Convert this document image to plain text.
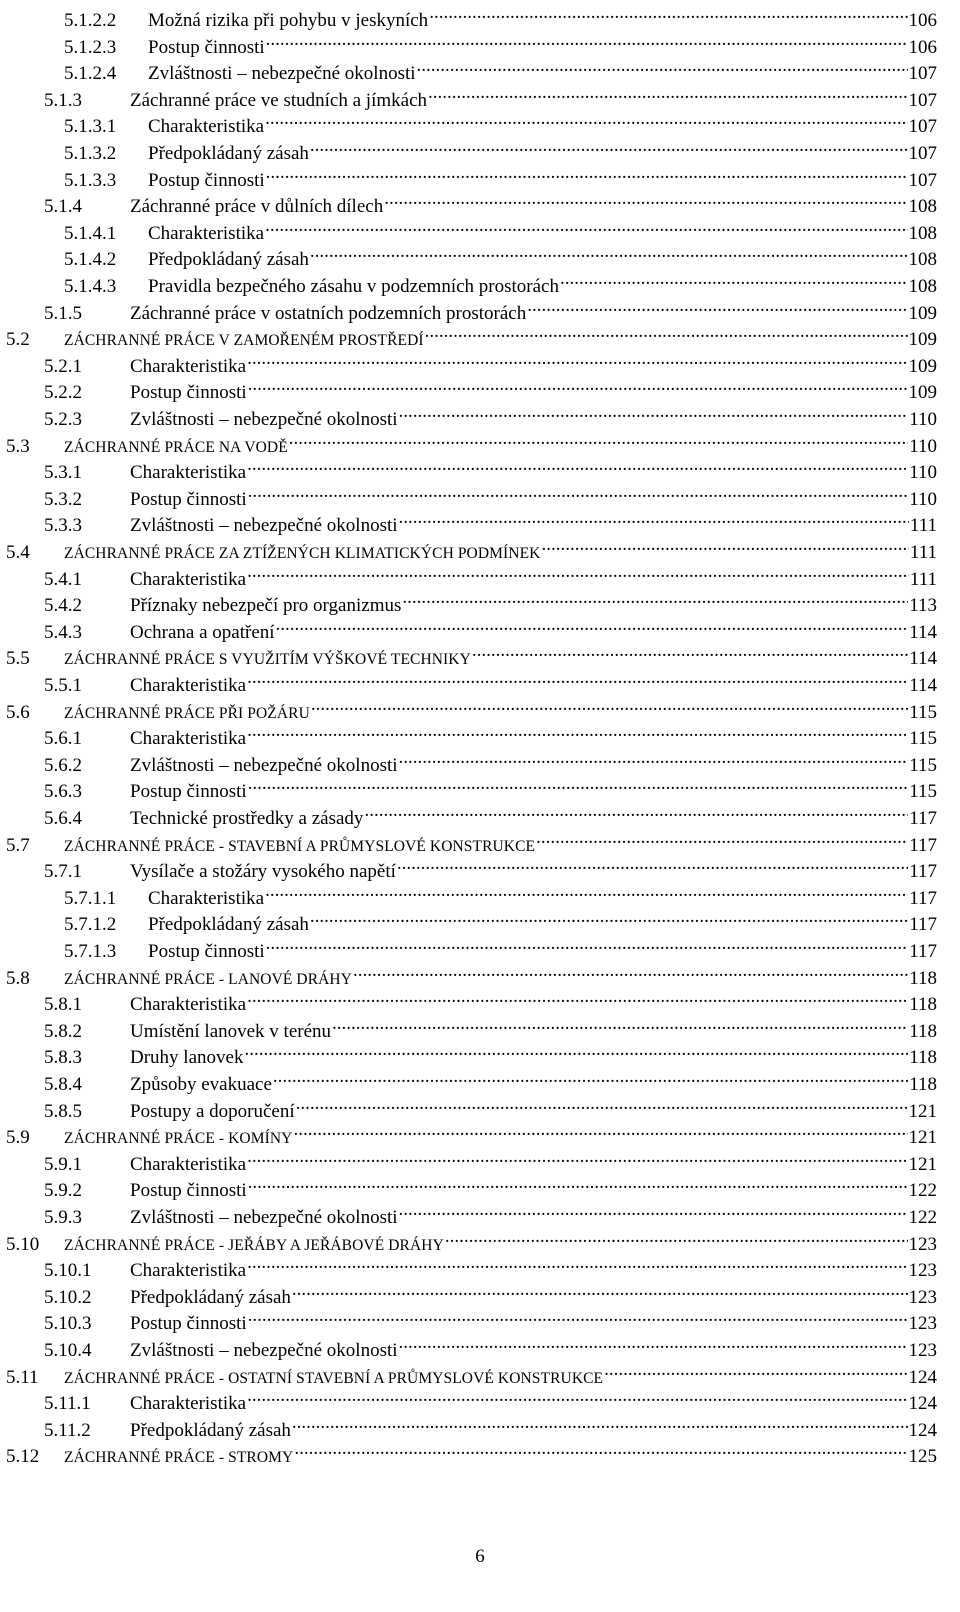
5.1.2.2	Možná rizika při pohybu v jeskyních .....	106
5.1.2.3	Postup činnosti .....	106
5.1.2.4	Zvláštnosti – nebezpečné okolnosti .....	107
5.1.3	Záchranné práce ve studních a jímkách .....	107
5.1.3.1	Charakteristika .....	107
5.1.3.2	Předpokládaný zásah .....	107
5.1.3.3	Postup činnosti .....	107
5.1.4	Záchranné práce v důlních dílech .....	108
5.1.4.1	Charakteristika .....	108
5.1.4.2	Předpokládaný zásah .....	108
5.1.4.3	Pravidla bezpečného zásahu v podzemních prostorách .....	108
5.1.5	Záchranné práce v ostatních podzemních prostorách .....	109
5.2	ZÁCHRANNÉ PRÁCE V ZAMOŘENÉM PROSTŘEDÍ .....	109
5.2.1	Charakteristika .....	109
5.2.2	Postup činnosti .....	109
5.2.3	Zvláštnosti – nebezpečné okolnosti .....	110
5.3	ZÁCHRANNÉ PRÁCE NA VODĚ .....	110
5.3.1	Charakteristika .....	110
5.3.2	Postup činnosti .....	110
5.3.3	Zvláštnosti – nebezpečné okolnosti .....	111
5.4	ZÁCHRANNÉ PRÁCE ZA ZTÍŽENÝCH KLIMATICKÝCH PODMÍNEK .....	111
5.4.1	Charakteristika .....	111
5.4.2	Příznaky nebezpečí pro organizmus .....	113
5.4.3	Ochrana a opatření .....	114
5.5	ZÁCHRANNÉ PRÁCE S VYUŽITÍM VÝŠKOVÉ TECHNIKY .....	114
5.5.1	Charakteristika .....	114
5.6	ZÁCHRANNÉ PRÁCE PŘI POŽÁRU .....	115
5.6.1	Charakteristika .....	115
5.6.2	Zvláštnosti – nebezpečné okolnosti .....	115
5.6.3	Postup činnosti .....	115
5.6.4	Technické prostředky a zásady .....	117
5.7	ZÁCHRANNÉ PRÁCE - STAVEBNÍ A PRŮMYSLOVÉ KONSTRUKCE .....	117
5.7.1	Vysílače a stožáry vysokého napětí .....	117
5.7.1.1	Charakteristika .....	117
5.7.1.2	Předpokládaný zásah .....	117
5.7.1.3	Postup činnosti .....	117
5.8	ZÁCHRANNÉ PRÁCE - LANOVÉ DRÁHY .....	118
5.8.1	Charakteristika .....	118
5.8.2	Umístění lanovek v terénu .....	118
5.8.3	Druhy lanovek .....	118
5.8.4	Způsoby evakuace .....	118
5.8.5	Postupy a doporučení .....	121
5.9	ZÁCHRANNÉ PRÁCE - KOMÍNY .....	121
5.9.1	Charakteristika .....	121
5.9.2	Postup činnosti .....	122
5.9.3	Zvláštnosti – nebezpečné okolnosti .....	122
5.10	ZÁCHRANNÉ PRÁCE - JEŘÁBY A JEŘÁBOVÉ DRÁHY .....	123
5.10.1	Charakteristika .....	123
5.10.2	Předpokládaný zásah .....	123
5.10.3	Postup činnosti .....	123
5.10.4	Zvláštnosti – nebezpečné okolnosti .....	123
5.11	ZÁCHRANNÉ PRÁCE - OSTATNÍ STAVEBNÍ A PRŮMYSLOVÉ KONSTRUKCE .....	124
5.11.1	Charakteristika .....	124
5.11.2	Předpokládaný zásah .....	124
5.12	ZÁCHRANNÉ PRÁCE - STROMY .....	125
6
